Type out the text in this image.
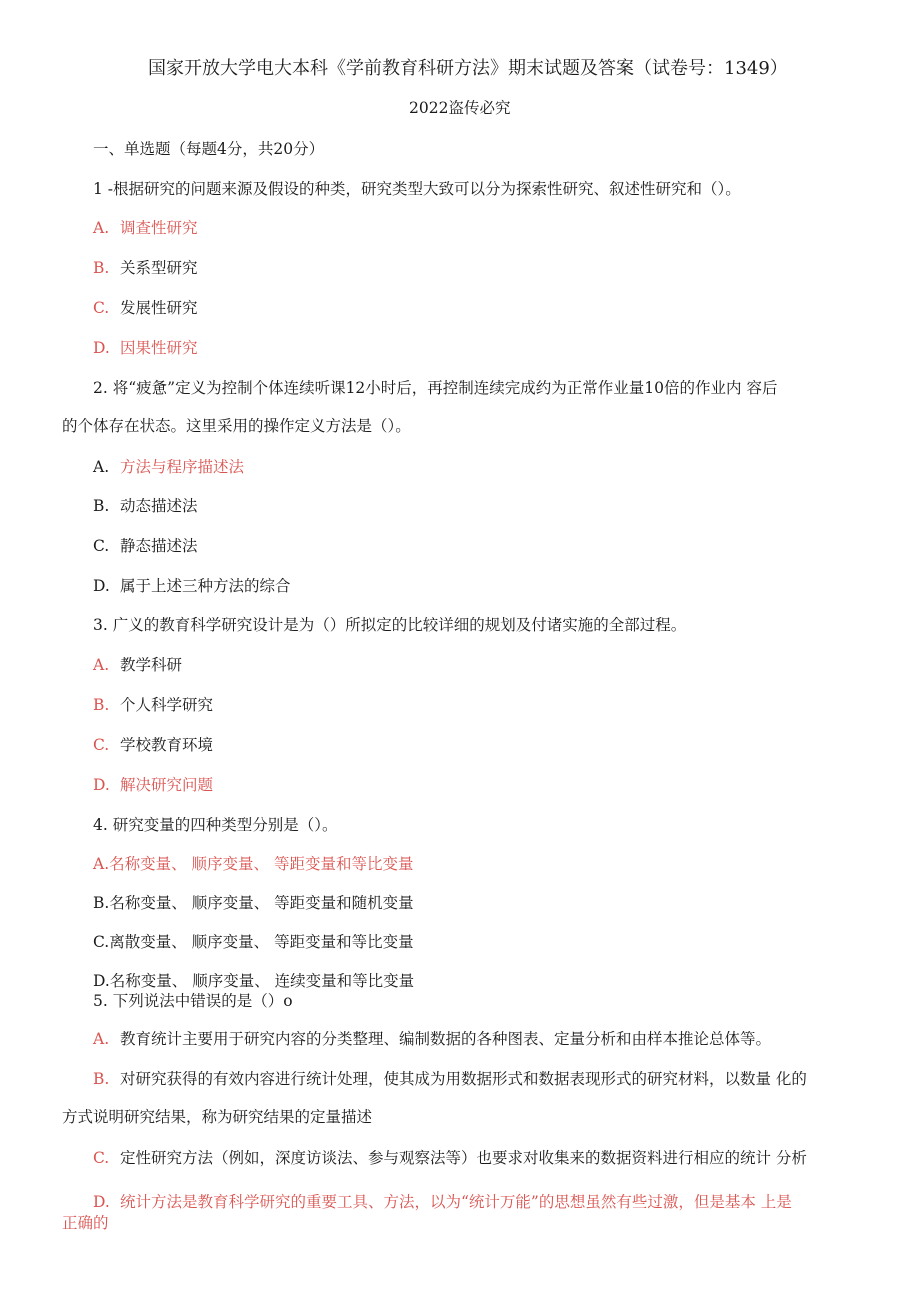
国家开放大学电大本科《学前教育科研方法》期末试题及答案（试卷号：1349）
2022盗传必究
一、单选题（每题4分，共20分）
1 -根据研究的问题来源及假设的种类，研究类型大致可以分为探索性研究、叙述性研究和（）。
A. 调查性研究
B. 关系型研究
C. 发展性研究
D. 因果性研究
2. 将“疲惫”定义为控制个体连续听课12小时后，再控制连续完成约为正常作业量10倍的作业内 容后
的个体存在状态。这里采用的操作定义方法是（）。
A. 方法与程序描述法
B. 动态描述法
C. 静态描述法
D. 属于上述三种方法的综合
3. 广义的教育科学研究设计是为（）所拟定的比较详细的规划及付诸实施的全部过程。
A. 教学科研
B. 个人科学研究
C. 学校教育环境
D. 解决研究问题
4. 研究变量的四种类型分别是（）。
A.名称变量、 顺序变量、 等距变量和等比变量
B.名称变量、 顺序变量、 等距变量和随机变量
C.离散变量、 顺序变量、 等距变量和等比变量
D.名称变量、 顺序变量、 连续变量和等比变量
5. 下列说法中错误的是（）o
A. 教育统计主要用于研究内容的分类整理、编制数据的各种图表、定量分析和由样本推论总体等。
B. 对研究获得的有效内容进行统计处理，使其成为用数据形式和数据表现形式的研究材料，以数量 化的
方式说明研究结果，称为研究结果的定量描述
C. 定性研究方法（例如，深度访谈法、参与观察法等）也要求对收集来的数据资料进行相应的统计 分析
D. 统计方法是教育科学研究的重要工具、方法，以为“统计万能”的思想虽然有些过激，但是基本 上是
正确的
